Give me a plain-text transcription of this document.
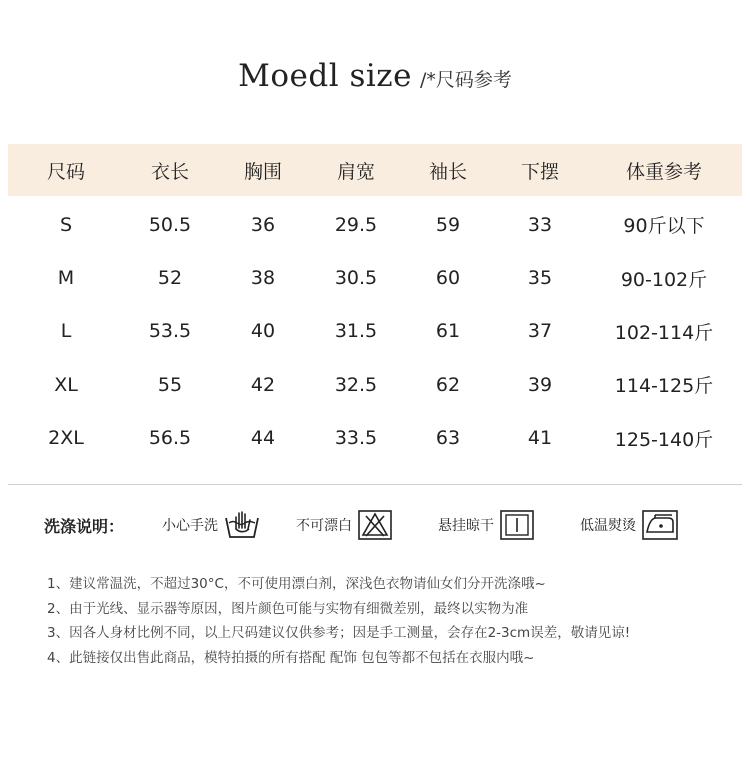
Moedl size /*尺码参考
尺码	衣长	胸围	肩宽	袖长	下摆	体重参考
S	50.5	36	29.5	59	33	90斤以下
M	52	38	30.5	60	35	90-102斤
L	53.5	40	31.5	61	37	102-114斤
XL	55	42	32.5	62	39	114-125斤
2XL	56.5	44	33.5	63	41	125-140斤
洗涤说明：	小心手洗	不可漂白	悬挂晾干	低温熨烫
1、建议常温洗，不超过30°C，不可使用漂白剂，深浅色衣物请仙女们分开洗涤哦~
2、由于光线、显示器等原因，图片颜色可能与实物有细微差别，最终以实物为准
3、因各人身材比例不同，以上尺码建议仅供参考；因是手工测量，会存在2-3cm误差，敬请见谅!
4、此链接仅出售此商品，模特拍摄的所有搭配 配饰 包包等都不包括在衣服内哦~
